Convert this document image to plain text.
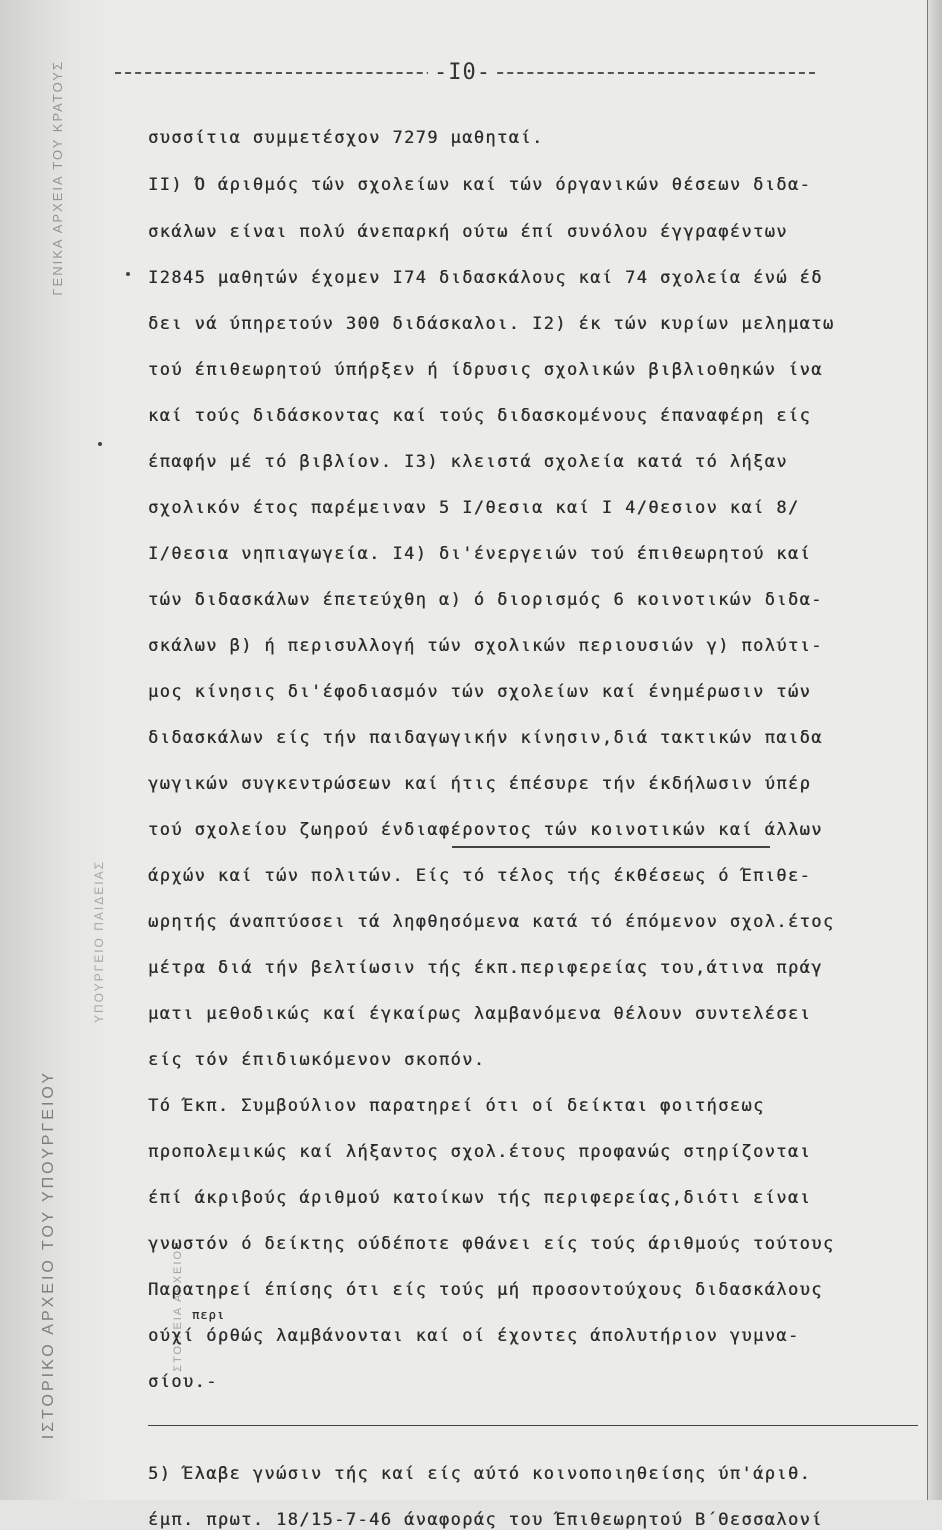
ΓΕΝΙΚΑ ΑΡΧΕΙΑ ΤΟΥ ΚΡΑΤΟΥΣ
ΙΣΤΟΡΙΚΟ ΑΡΧΕΙΟ ΤΟΥ ΥΠΟΥΡΓΕΙΟΥ
ΥΠΟΥΡΓΕΙΟ ΠΑΙΔΕΙΑΣ
ΣΤΟΙΧΕΙΑ ΑΡΧΕΙΟΥ
-I0-
συσσίτια συμμετέσχον 7279 μαθηταί.
II) Ό άριθμός τών σχολείων καί τών όργανικών θέσεων διδα-
σκάλων είναι πολύ άνεπαρκή ούτω έπί συνόλου έγγραφέντων
I2845 μαθητών έχομεν I74 διδασκάλους καί 74 σχολεία ένώ έδ
δει νά ύπηρετούν 300 διδάσκαλοι. I2) έκ τών κυρίων μεληματω
τού έπιθεωρητού ύπήρξεν ή ίδρυσις σχολικών βιβλιοθηκών ίνα
καί τούς διδάσκοντας καί τούς διδασκομένους έπαναφέρη είς
έπαφήν μέ τό βιβλίον. I3) κλειστά σχολεία κατά τό λήξαν
σχολικόν έτος παρέμειναν 5 I/θεσια καί I 4/θεσιον καί 8/
I/θεσια νηπιαγωγεία. I4) δι'ένεργειών τού έπιθεωρητού καί
τών διδασκάλων έπετεύχθη α) ό διορισμός 6 κοινοτικών διδα-
σκάλων β) ή περισυλλογή τών σχολικών περιουσιών γ) πολύτι-
μος κίνησις δι'έφοδιασμόν τών σχολείων καί ένημέρωσιν τών
διδασκάλων είς τήν παιδαγωγικήν κίνησιν,διά τακτικών παιδα
γωγικών συγκεντρώσεων καί ήτις έπέσυρε τήν έκδήλωσιν ύπέρ
τού σχολείου ζωηρού ένδιαφέροντος τών κοινοτικών καί άλλων
άρχών καί τών πολιτών. Είς τό τέλος τής έκθέσεως ό Έπιθε-
ωρητής άναπτύσσει τά ληφθησόμενα κατά τό έπόμενον σχολ.έτος
μέτρα διά τήν βελτίωσιν τής έκπ.περιφερείας του,άτινα πράγ
ματι μεθοδικώς καί έγκαίρως λαμβανόμενα θέλουν συντελέσει
είς τόν έπιδιωκόμενον σκοπόν.
Τό Έκπ. Συμβούλιον παρατηρεί ότι οί δείκται φοιτήσεως
προπολεμικώς καί λήξαντος σχολ.έτους προφανώς στηρίζονται
έπί άκριβούς άριθμού κατοίκων τής περιφερείας,διότι είναι
γνωστόν ό δείκτης ούδέποτε φθάνει είς τούς άριθμούς τούτους
Παρατηρεί έπίσης ότι είς τούς μή προσοντούχους διδασκάλους
ούχί όρθώς λαμβάνονται καί οί έχοντες άπολυτήριον γυμνα-
σίου.-
5) Έλαβε γνώσιν τής καί είς αύτό κοινοποιηθείσης ύπ'άριθ.
έμπ. πρωτ. 18/15-7-46 άναφοράς του Έπιθεωρητού Β΄Θεσσαλονί
περι
